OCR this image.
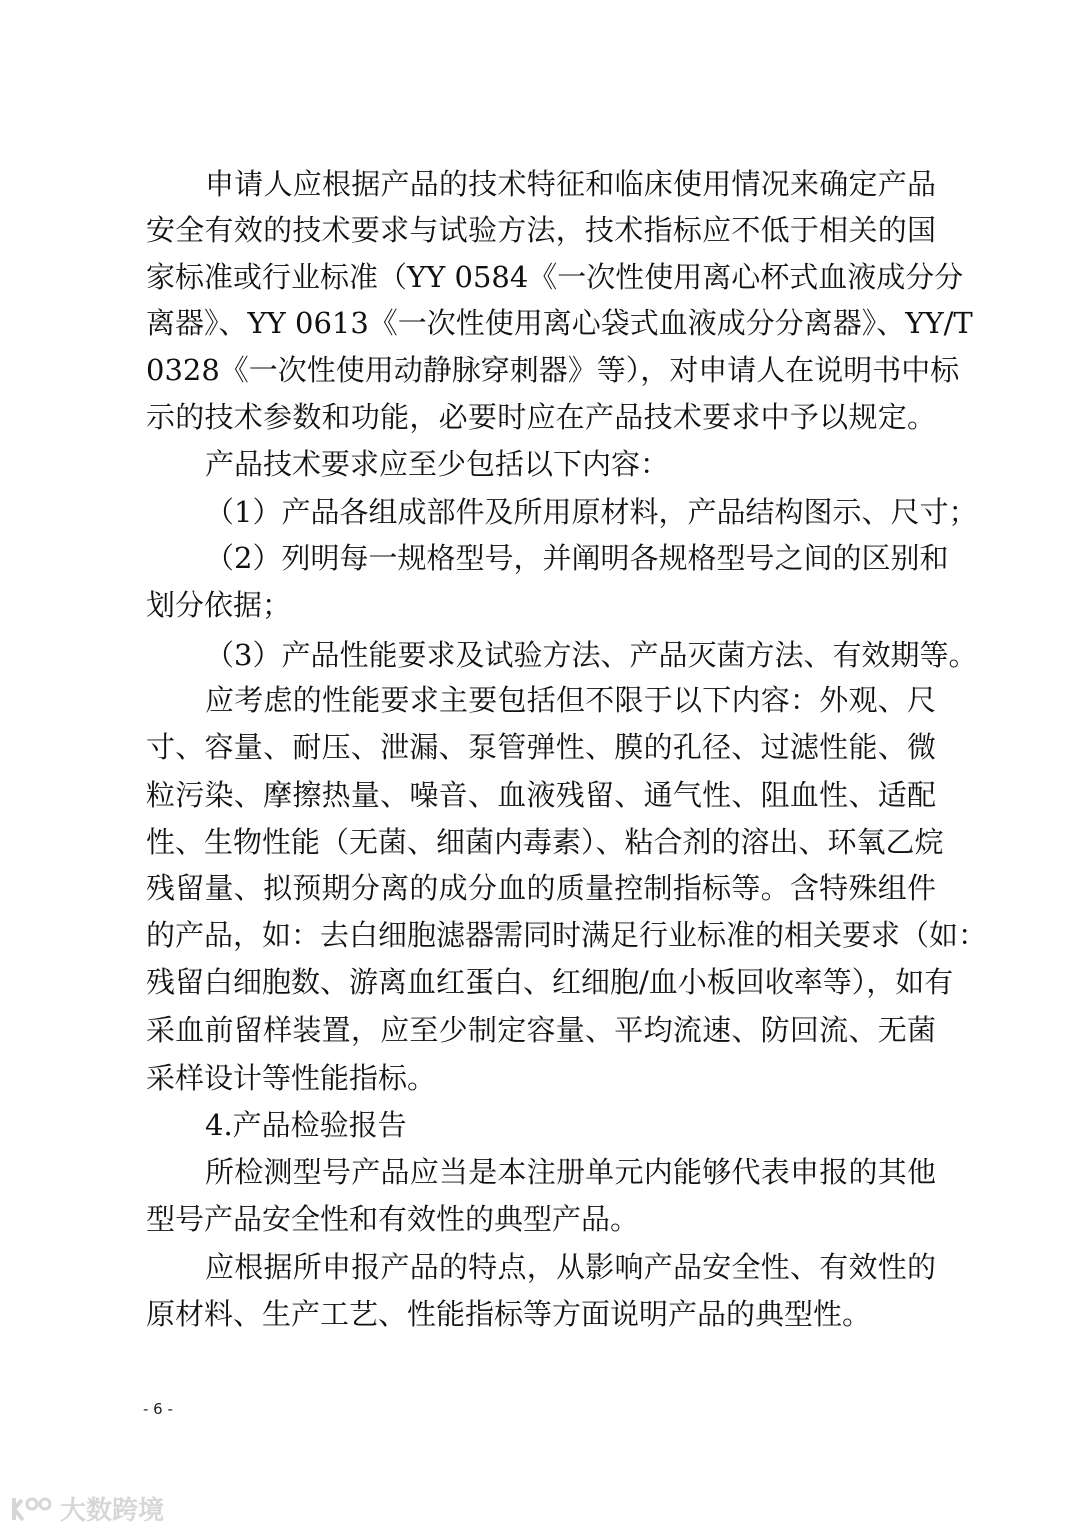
申请人应根据产品的技术特征和临床使用情况来确定产品
安全有效的技术要求与试验方法，技术指标应不低于相关的国
家标准或行业标准（YY 0584《一次性使用离心杯式血液成分分
离器》、YY 0613《一次性使用离心袋式血液成分分离器》、YY/T
0328《一次性使用动静脉穿刺器》等），对申请人在说明书中标
示的技术参数和功能，必要时应在产品技术要求中予以规定。
产品技术要求应至少包括以下内容：
（1）产品各组成部件及所用原材料，产品结构图示、尺寸；
（2）列明每一规格型号，并阐明各规格型号之间的区别和
划分依据；
（3）产品性能要求及试验方法、产品灭菌方法、有效期等。
应考虑的性能要求主要包括但不限于以下内容：外观、尺
寸、容量、耐压、泄漏、泵管弹性、膜的孔径、过滤性能、微
粒污染、摩擦热量、噪音、血液残留、通气性、阻血性、适配
性、生物性能（无菌、细菌内毒素）、粘合剂的溶出、环氧乙烷
残留量、拟预期分离的成分血的质量控制指标等。含特殊组件
的产品，如：去白细胞滤器需同时满足行业标准的相关要求（如：
残留白细胞数、游离血红蛋白、红细胞/血小板回收率等），如有
采血前留样装置，应至少制定容量、平均流速、防回流、无菌
采样设计等性能指标。
4.产品检验报告
所检测型号产品应当是本注册单元内能够代表申报的其他
型号产品安全性和有效性的典型产品。
应根据所申报产品的特点，从影响产品安全性、有效性的
原材料、生产工艺、性能指标等方面说明产品的典型性。
- 6 -
大数跨境
